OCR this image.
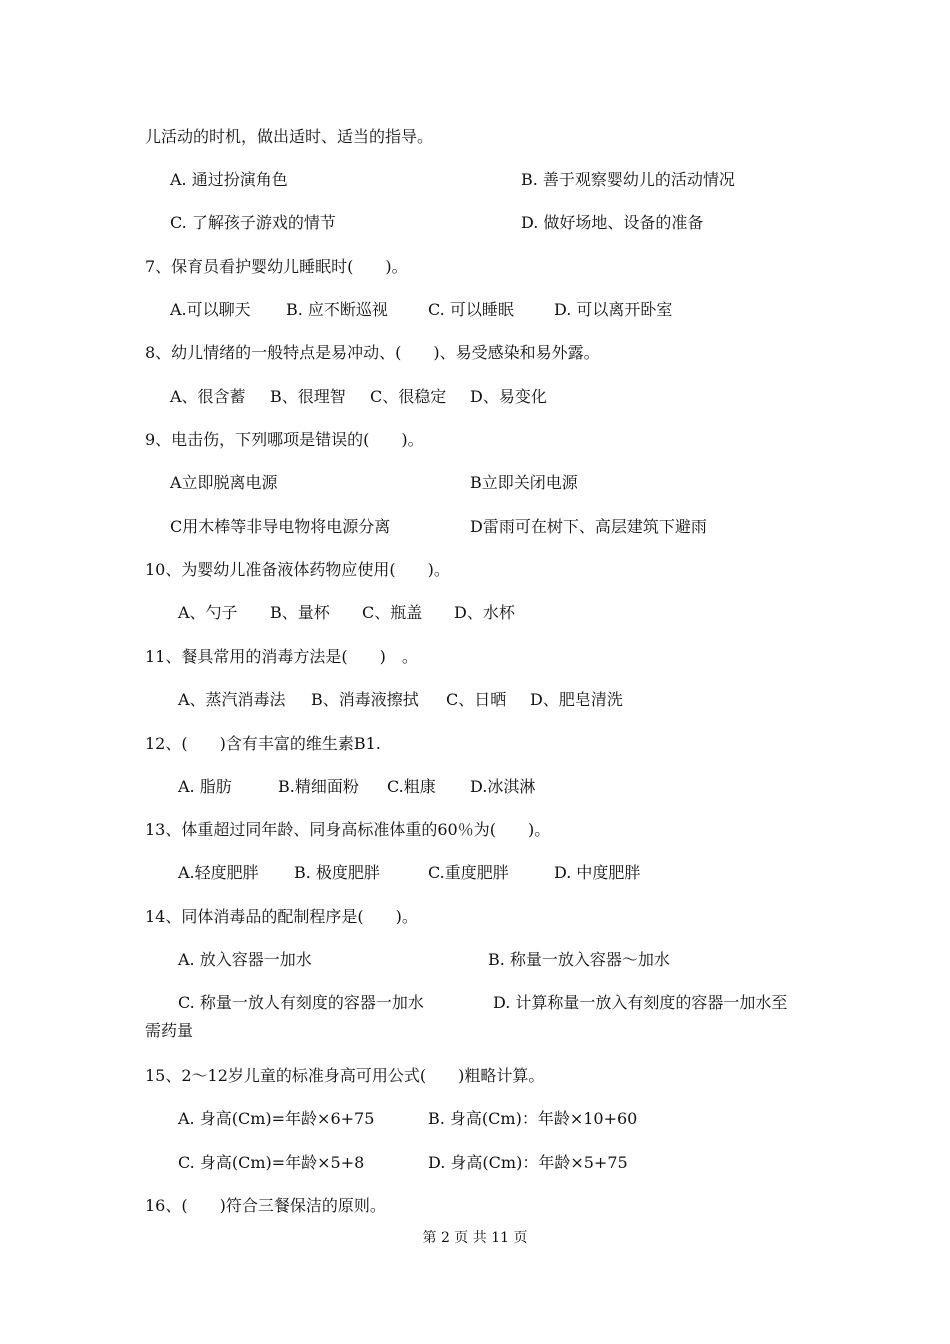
儿活动的时机，做出适时、适当的指导。
A. 通过扮演角色	B. 善于观察婴幼儿的活动情况
C. 了解孩子游戏的情节	D. 做好场地、设备的准备
7、保育员看护婴幼儿睡眠时(　　)。
A.可以聊天 B. 应不断巡视	C. 可以睡眠	D. 可以离开卧室
8、幼儿情绪的一般特点是易冲动、(　　)、易受感染和易外露。
A、很含蓄 B、很理智 C、很稳定 D、易变化
9、电击伤，下列哪项是错误的(　　)。
A立即脱离电源	B立即关闭电源
C用木棒等非导电物将电源分离	D雷雨可在树下、高层建筑下避雨
10、为婴幼儿准备液体药物应使用(　　)。
A、勺子 B、量杯 C、瓶盖 D、水杯
11、餐具常用的消毒方法是(　　)　。
A、蒸汽消毒法 B、消毒液擦拭 C、日晒 D、肥皂清洗
12、(　　)含有丰富的维生素B1.
A. 脂肪	B.精细面粉 C.粗康 D.冰淇淋
13、体重超过同年龄、同身高标准体重的60％为(　　)。
A.轻度肥胖 B. 极度肥胖	C.重度肥胖	D. 中度肥胖
14、同体消毒品的配制程序是(　　)。
A. 放入容器一加水	B. 称量一放入容器～加水
C. 称量一放人有刻度的容器一加水	D. 计算称量一放入有刻度的容器一加水至
需药量
15、2～12岁儿童的标准身高可用公式(　　)粗略计算。
A. 身高(Cm)=年龄×6+75	B. 身高(Cm)：年龄×10+60
C. 身高(Cm)=年龄×5+8	D. 身高(Cm)：年龄×5+75
16、(　　)符合三餐保洁的原则。
第 2 页 共 11 页
